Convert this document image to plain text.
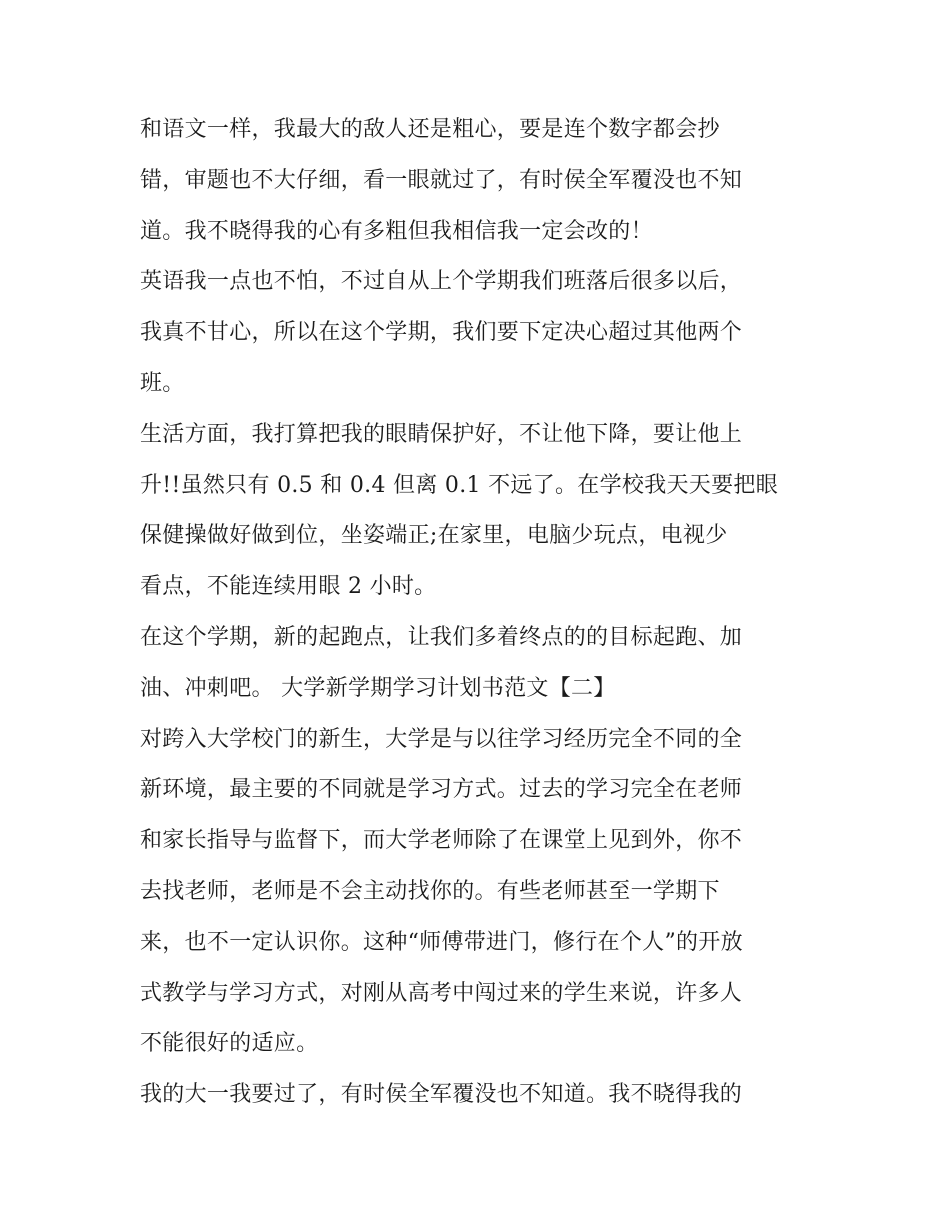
和语文一样，我最大的敌人还是粗心，要是连个数字都会抄
错，审题也不大仔细，看一眼就过了，有时侯全军覆没也不知
道。我不晓得我的心有多粗但我相信我一定会改的！
英语我一点也不怕，不过自从上个学期我们班落后很多以后，
我真不甘心，所以在这个学期，我们要下定决心超过其他两个
班。
生活方面，我打算把我的眼睛保护好，不让他下降，要让他上
升!!虽然只有 0.5 和 0.4 但离 0.1 不远了。在学校我天天要把眼
保健操做好做到位，坐姿端正;在家里，电脑少玩点，电视少
看点，不能连续用眼 2 小时。
在这个学期，新的起跑点，让我们多着终点的的目标起跑、加
油、冲刺吧。 大学新学期学习计划书范文【二】
对跨入大学校门的新生，大学是与以往学习经历完全不同的全
新环境，最主要的不同就是学习方式。过去的学习完全在老师
和家长指导与监督下，而大学老师除了在课堂上见到外，你不
去找老师，老师是不会主动找你的。有些老师甚至一学期下
来，也不一定认识你。这种“师傅带进门，修行在个人”的开放
式教学与学习方式，对刚从高考中闯过来的学生来说，许多人
不能很好的适应。
我的大一我要过了，有时侯全军覆没也不知道。我不晓得我的
